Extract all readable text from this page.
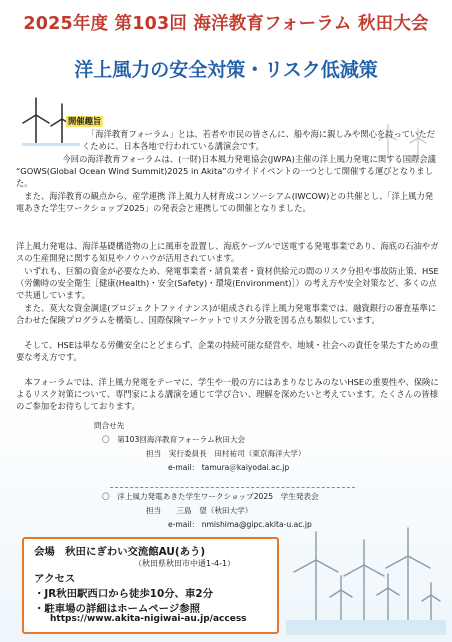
2025年度 第103回 海洋教育フォーラム 秋田大会
洋上風力の安全対策・リスク低減策
開催趣旨

「海洋教育フォーラム」とは、若者や市民の皆さんに、船や海に親しみや関心を持っていただくために、日本各地で行われている講演会です。

今回の海洋教育フォーラムは、(一財)日本風力発電協会(JWPA)主催の洋上風力発電に関する国際会議 “GOWS(Global Ocean Wind Summit)2025 in Akita”のサイドイベントの一つとして開催する運びとなりました。

また、海洋教育の観点から、産学連携 洋上風力人材育成コンソーシアム(IWCOW)との共催とし、「洋上風力発電あきた学生ワークショップ2025」の発表会と連携しての開催となりました。

洋上風力発電は、海洋基礎構造物の上に風車を設置し、海底ケーブルで送電する発電事業であり、海底の石油やガスの生産開発に関する知見やノウハウが活用されています。

いずれも、巨額の資金が必要なため、発電事業者・請負業者・資材供給元の間のリスク分担や事故防止策、HSE（労働時の安全衛生［健康(Health)・安全(Safety)・環境(Environment)］）の考え方や安全対策など、多くの点で共通しています。

また、莫大な資金調達(プロジェクトファイナンス)が組成される洋上風力発電事業では、融資銀行の審査基準に合わせた保険プログラムを構築し、国際保険マーケットでリスク分散を図る点も類似しています。

そして、HSEは単なる労働安全にとどまらず、企業の持続可能な経営や、地域・社会への責任を果たすための重要な考え方です。

本フォーラムでは、洋上風力発電をテーマに、学生や一般の方にはあまりなじみのないHSEの重要性や、保険によるリスク対策について、専門家による講演を通じて学び合い、理解を深めたいと考えています。たくさんの皆様のご参加をお待ちしております。

問合せ先
〇　第103回海洋教育フォーラム秋田大会
担当　実行委員長　田村祐司（東京海洋大学）
e-mail： tamura＠kaiyodai.ac.jp
〇　洋上風力発電あきた学生ワークショップ2025　学生発表会
担当　　三島　望（秋田大学）
e-mail： nmishima@gipc.akita-u.ac.jp
会場　秋田にぎわい交流館AU(あう)
（秋田県秋田市中通1-4-1）
アクセス
・JR秋田駅西口から徒歩10分、車2分
・駐車場の詳細はホームページ参照
https://www.akita-nigiwai-au.jp/access
